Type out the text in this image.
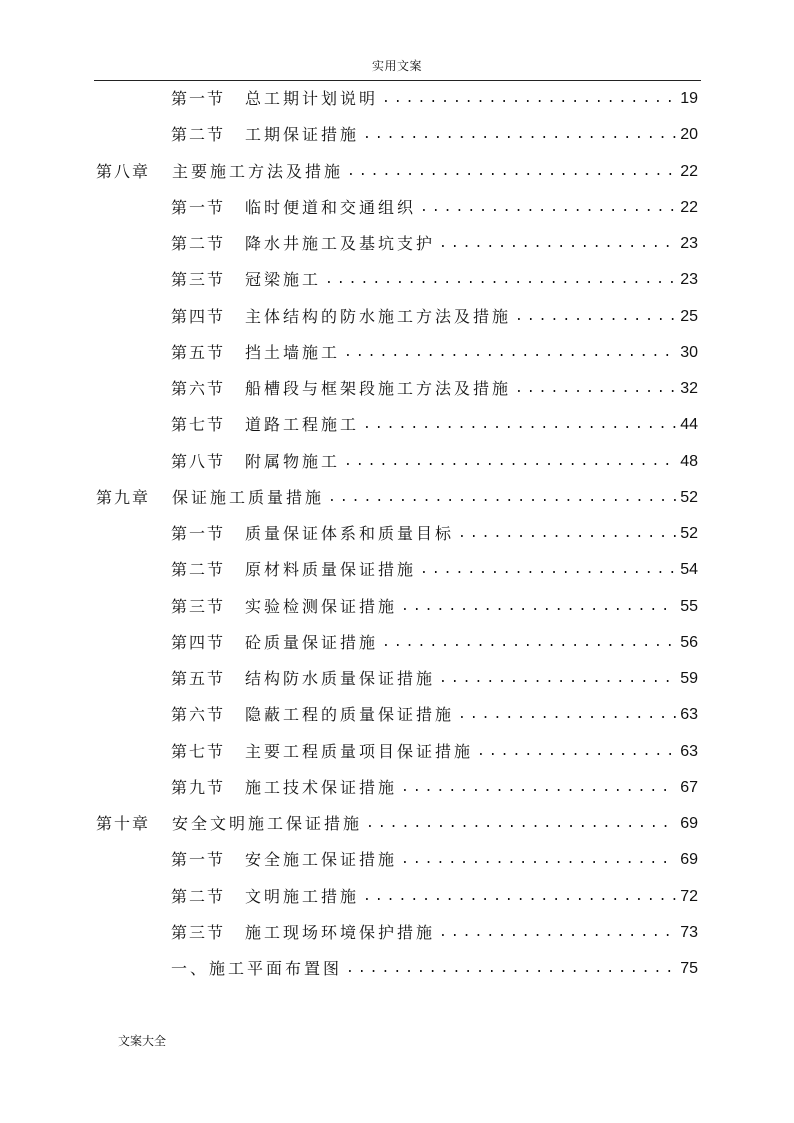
实用文案
第一节	总工期计划说明 .....	19
第二节	工期保证措施 .....	20
第八章	主要施工方法及措施 .....	22
第一节	临时便道和交通组织 .....	22
第二节	降水井施工及基坑支护 .....	23
第三节	冠梁施工 .....	23
第四节	主体结构的防水施工方法及措施 .....	25
第五节	挡土墙施工 .....	30
第六节	船槽段与框架段施工方法及措施 .....	32
第七节	道路工程施工 .....	44
第八节	附属物施工 .....	48
第九章	保证施工质量措施 .....	52
第一节	质量保证体系和质量目标 .....	52
第二节	原材料质量保证措施 .....	54
第三节	实验检测保证措施 .....	55
第四节	砼质量保证措施 .....	56
第五节	结构防水质量保证措施 .....	59
第六节	隐蔽工程的质量保证措施 .....	63
第七节	主要工程质量项目保证措施 .....	63
第九节	施工技术保证措施 .....	67
第十章	安全文明施工保证措施 .....	69
第一节	安全施工保证措施 .....	69
第二节	文明施工措施 .....	72
第三节	施工现场环境保护措施 .....	73
一、施工平面布置图 .....	75
文案大全
